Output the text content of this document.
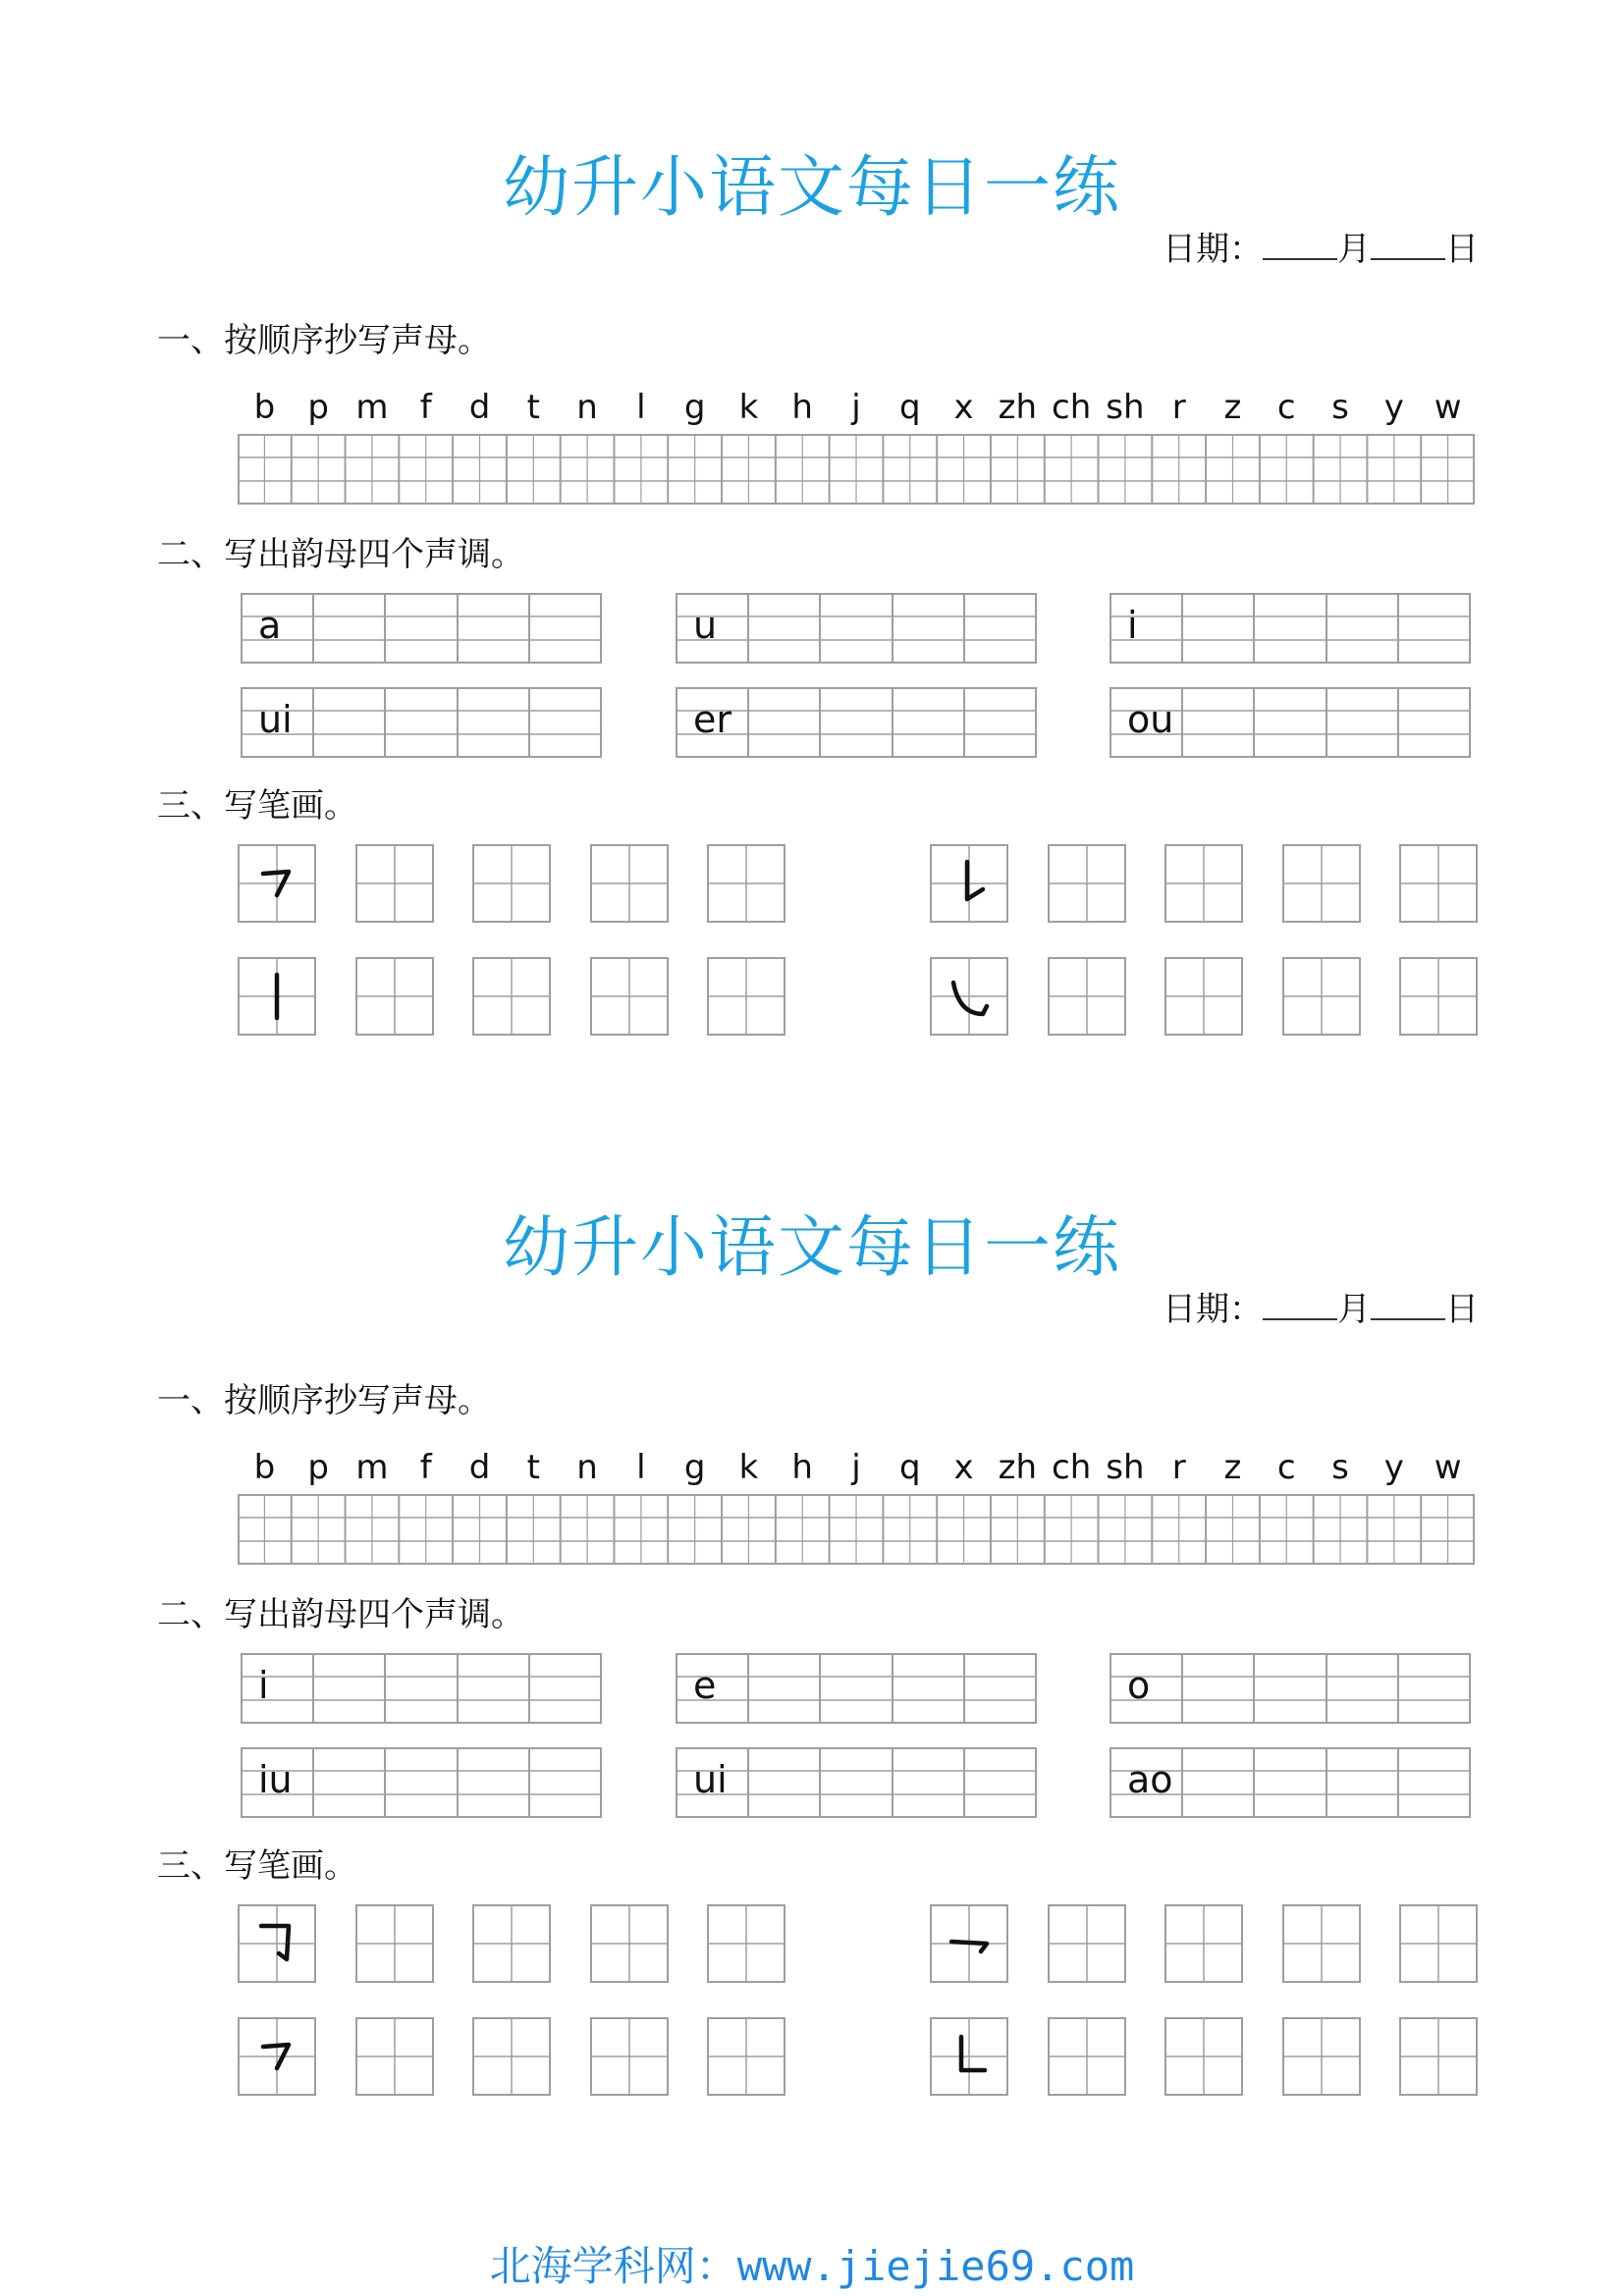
幼升小语文每日一练
日期： 月 日
一、按顺序抄写声母。
b p m f	d	t	n	l	g	k	h	j	q x zh ch sh r	z	c	s	y w
二、写出韵母四个声调。
a	u	i
ui	er	ou
三、写笔画。
幼升小语文每日一练
日期： 月 日
一、按顺序抄写声母。
b p m f	d	t	n	l	g	k	h	j	q x zh ch sh r	z	c	s	y w
二、写出韵母四个声调。
i	e	o
iu	ui	ao
三、写笔画。
北海学科网：www.jiejie69.com
